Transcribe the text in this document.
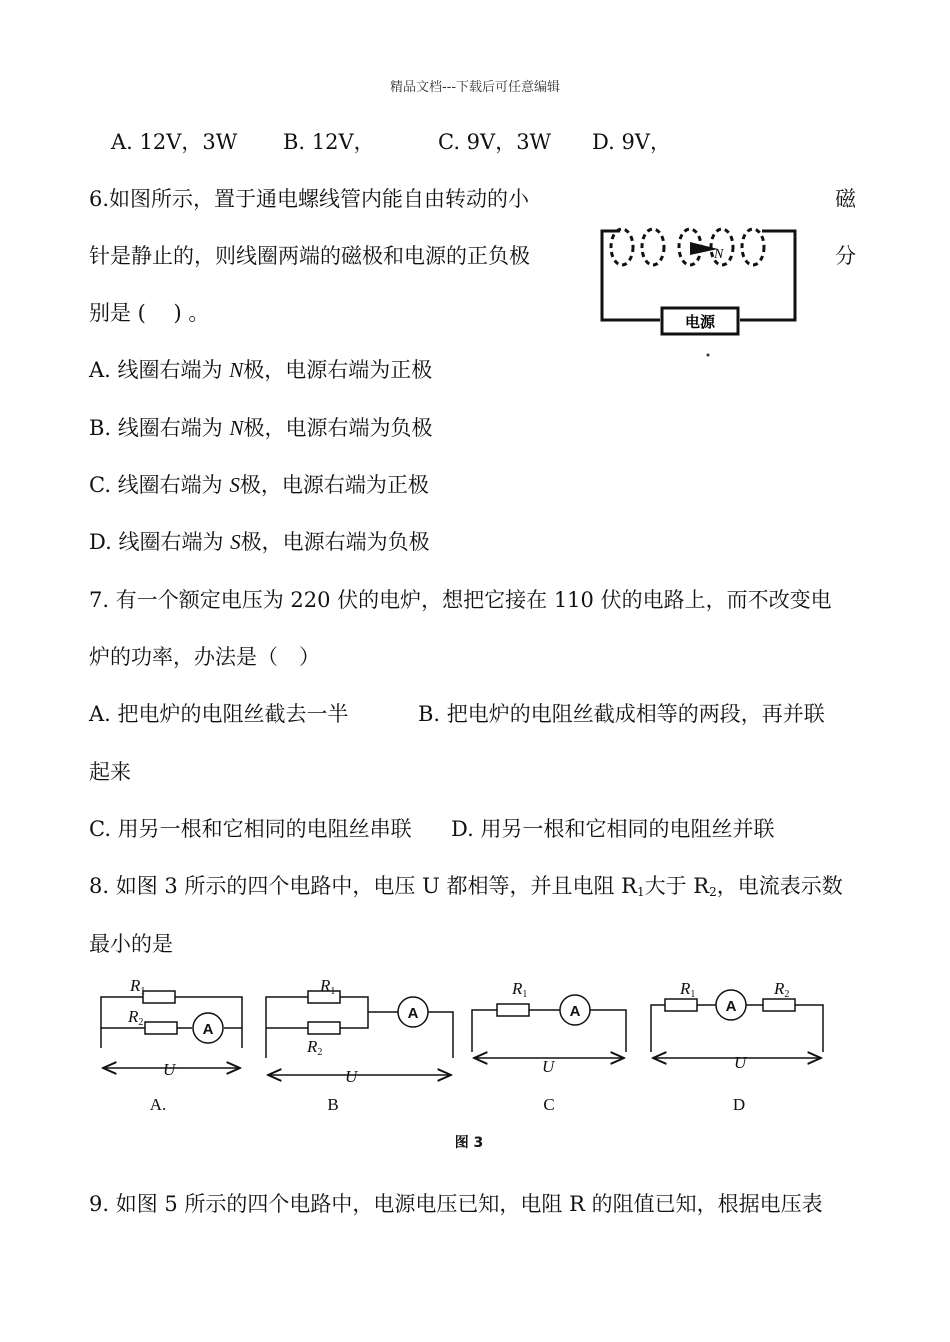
精品文档---下载后可任意编辑
A. 12V，3W B. 12V，	C. 9V，3W D. 9V，
6.如图所示，置于通电螺线管内能自由转动的小	磁
针是静止的，则线圈两端的磁极和电源的正负极	分
别是 (　 ) 。
N
电源
A. 线圈右端为 N极，电源右端为正极
B. 线圈右端为 N极，电源右端为负极
C. 线圈右端为 S极，电源右端为正极
D. 线圈右端为 S极，电源右端为负极
7. 有一个额定电压为 220 伏的电炉，想把它接在 110 伏的电路上，而不改变电
炉的功率，办法是（　）
A. 把电炉的电阻丝截去一半	B. 把电炉的电阻丝截成相等的两段，再并联
起来
C. 用另一根和它相同的电阻丝串联 D. 用另一根和它相同的电阻丝并联
8. 如图 3 所示的四个电路中，电压 U 都相等，并且电阻 $R_1$大于 $R_2$，电流表示数
最小的是
R1
R2
U
A
A.
R1
R2
U
A
B
R1
U
A
C
R1	R2
U
A
D
图 3
9. 如图 5 所示的四个电路中，电源电压已知，电阻 R 的阻值已知，根据电压表
